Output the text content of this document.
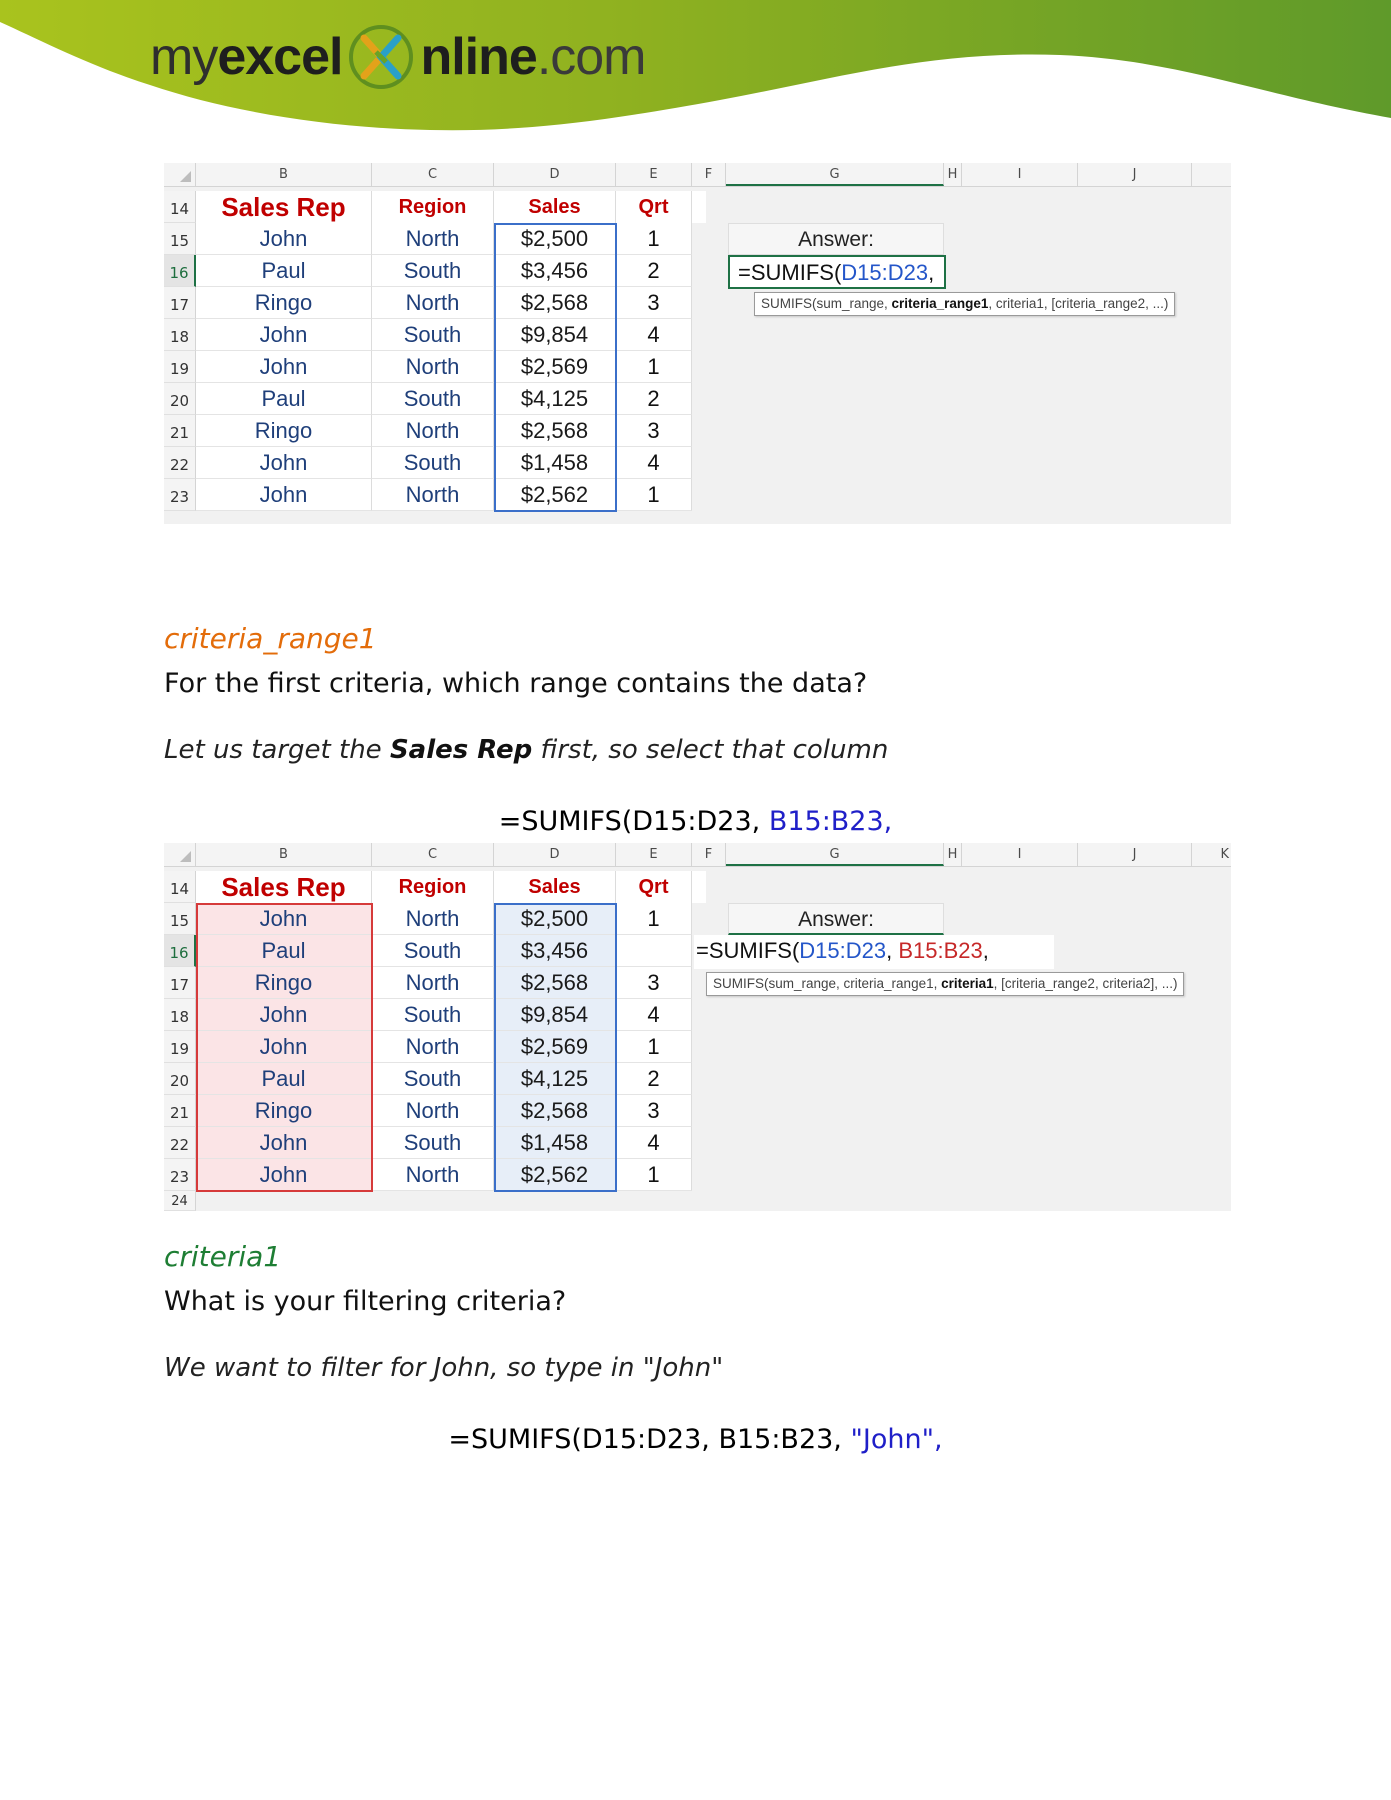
my excel nline .com
B	C	D	E	F	G	H	I	J
14	Sales Rep	Region	Sales	Qrt
15	John	North	$2,500	1
16	Paul	South	$3,456	2
17	Ringo	North	$2,568	3
18	John	South	$9,854	4
19	John	North	$2,569	1
20	Paul	South	$4,125	2
21	Ringo	North	$2,568	3
22	John	South	$1,458	4
23	John	North	$2,562	1
Answer:
=SUMIFS(D15:D23,
SUMIFS(sum_range, criteria_range1, criteria1, [criteria_range2, ...)
criteria_range1
For the first criteria, which range contains the data?
Let us target the Sales Rep first, so select that column
=SUMIFS(D15:D23, B15:B23,
B	C	D	E	F	G	H	I	J	K
14	Sales Rep	Region	Sales	Qrt
15	John	North	$2,500	1
16	Paul	South	$3,456
17	Ringo	North	$2,568	3
18	John	South	$9,854	4
19	John	North	$2,569	1
20	Paul	South	$4,125	2
21	Ringo	North	$2,568	3
22	John	South	$1,458	4
23	John	North	$2,562	1
24
Answer:
=SUMIFS(D15:D23, B15:B23,
SUMIFS(sum_range, criteria_range1, criteria1, [criteria_range2, criteria2], ...)
criteria1
What is your filtering criteria?
We want to filter for John, so type in "John"
=SUMIFS(D15:D23, B15:B23, "John",
